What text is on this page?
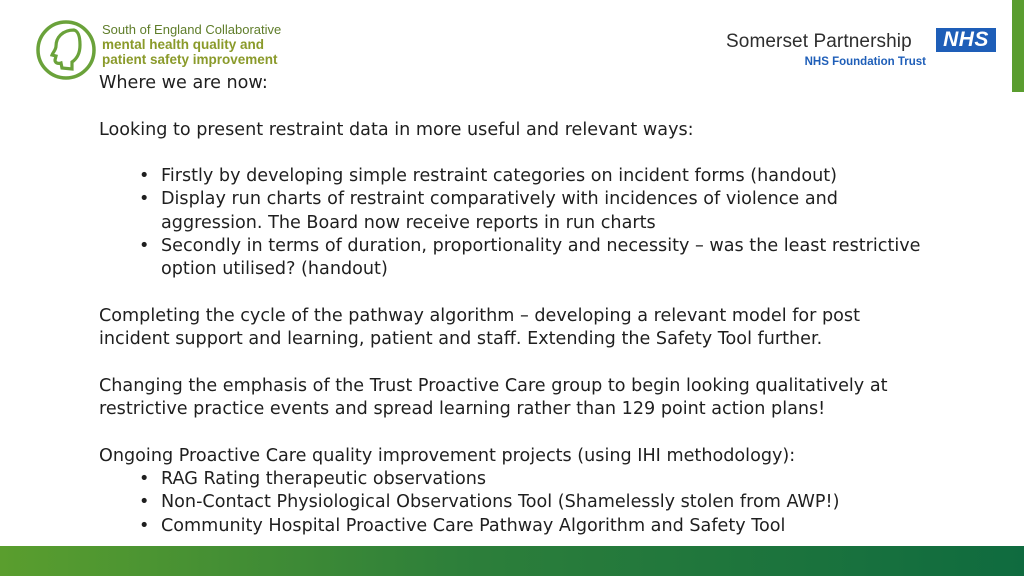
South of England Collaborative
mental health quality and
patient safety improvement
Somerset Partnership	NHS
NHS Foundation Trust

Where we are now:

Looking to present restraint data in more useful and relevant ways:

• Firstly by developing simple restraint categories on incident forms (handout)
• Display run charts of restraint comparatively with incidences of violence and aggression. The Board now receive reports in run charts
• Secondly in terms of duration, proportionality and necessity – was the least restrictive option utilised? (handout)

Completing the cycle of the pathway algorithm – developing a relevant model for post incident support and learning, patient and staff. Extending the Safety Tool further.

Changing the emphasis of the Trust Proactive Care group to begin looking qualitatively at restrictive practice events and spread learning rather than 129 point action plans!

Ongoing Proactive Care quality improvement projects (using IHI methodology):

• RAG Rating therapeutic observations
• Non-Contact Physiological Observations Tool (Shamelessly stolen from AWP!)
• Community Hospital Proactive Care Pathway Algorithm and Safety Tool
